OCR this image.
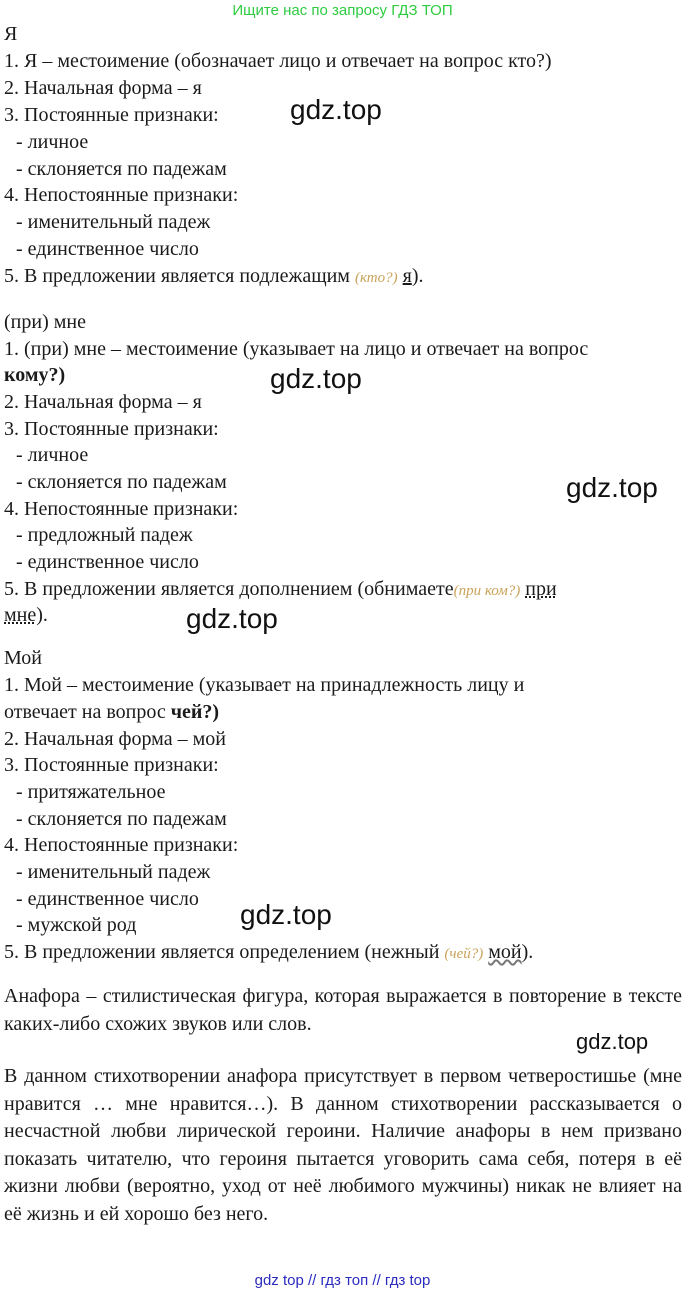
Ищите нас по запросу ГДЗ ТОП
Я
1. Я – местоимение (обозначает лицо и отвечает на вопрос кто?)
2. Начальная форма – я
3. Постоянные признаки:
- личное
- склоняется по падежам
4. Непостоянные признаки:
- именительный падеж
- единственное число
5. В предложении является подлежащим (кто?) я).
(при) мне
1. (при) мне – местоимение (указывает на лицо и отвечает на вопрос
кому?)
2. Начальная форма – я
3. Постоянные признаки:
- личное
- склоняется по падежам
4. Непостоянные признаки:
- предложный падеж
- единственное число
5. В предложении является дополнением (обнимаете(при ком?) при
мне).
Мой
1. Мой – местоимение (указывает на принадлежность лицу и
отвечает на вопрос чей?)
2. Начальная форма – мой
3. Постоянные признаки:
- притяжательное
- склоняется по падежам
4. Непостоянные признаки:
- именительный падеж
- единственное число
- мужской род
5. В предложении является определением (нежный (чей?) мой).
Анафора – стилистическая фигура, которая выражается в повторение в тексте каких-либо схожих звуков или слов.
В данном стихотворении анафора присутствует в первом четверостишье (мне нравится … мне нравится…). В данном стихотворении рассказывается о несчастной любви лирической героини. Наличие анафоры в нем призвано показать читателю, что героиня пытается уговорить сама себя, потеря в её жизни любви (вероятно, уход от неё любимого мужчины) никак не влияет на её жизнь и ей хорошо без него.
gdz.top
gdz.top
gdz.top
gdz.top
gdz.top
gdz.top
gdz top // гдз топ // гдз top
